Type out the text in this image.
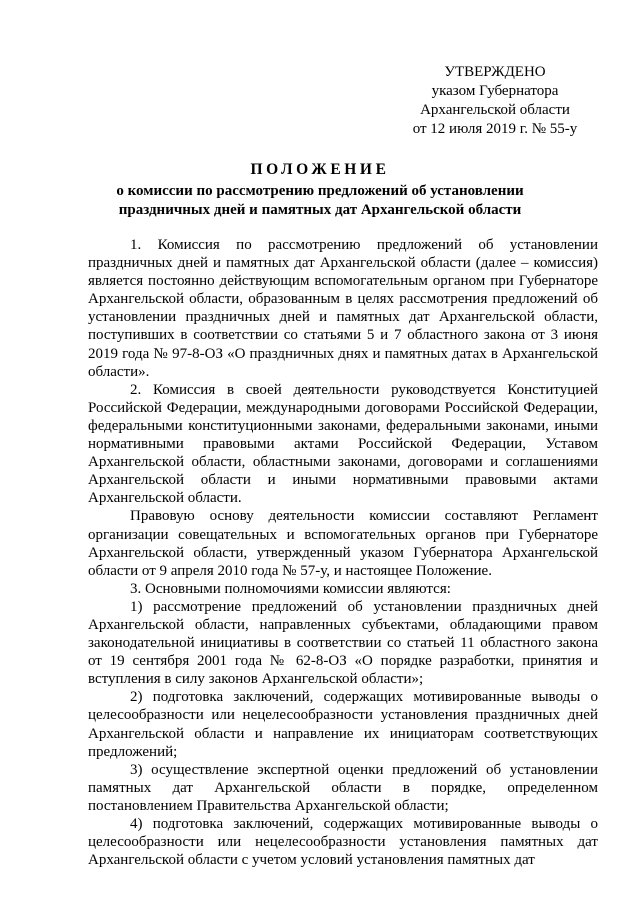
УТВЕРЖДЕНО
указом Губернатора
Архангельской области
от 12 июля 2019 г. № 55-у
ПОЛОЖЕНИЕ
о комиссии по рассмотрению предложений об установлении
праздничных дней и памятных дат Архангельской области

1. Комиссия по рассмотрению предложений об установлении праздничных дней и памятных дат Архангельской области (далее – комиссия) является постоянно действующим вспомогательным органом при Губернаторе Архангельской области, образованным в целях рассмотрения предложений об установлении праздничных дней и памятных дат Архангельской области, поступивших в соответствии со статьями 5 и 7 областного закона от 3 июня 2019 года № 97-8-ОЗ «О праздничных днях и памятных датах в Архангельской области».

2. Комиссия в своей деятельности руководствуется Конституцией Российской Федерации, международными договорами Российской Федерации, федеральными конституционными законами, федеральными законами, иными нормативными правовыми актами Российской Федерации, Уставом Архангельской области, областными законами, договорами и соглашениями Архангельской области и иными нормативными правовыми актами Архангельской области.

Правовую основу деятельности комиссии составляют Регламент организации совещательных и вспомогательных органов при Губернаторе Архангельской области, утвержденный указом Губернатора Архангельской области от 9 апреля 2010 года № 57-у, и настоящее Положение.

3. Основными полномочиями комиссии являются:

1) рассмотрение предложений об установлении праздничных дней Архангельской области, направленных субъектами, обладающими правом законодательной инициативы в соответствии со статьей 11 областного закона от 19 сентября 2001 года № 62-8-ОЗ «О порядке разработки, принятия и вступления в силу законов Архангельской области»;

2) подготовка заключений, содержащих мотивированные выводы о целесообразности или нецелесообразности установления праздничных дней Архангельской области и направление их инициаторам соответствующих предложений;

3) осуществление экспертной оценки предложений об установлении памятных дат Архангельской области в порядке, определенном постановлением Правительства Архангельской области;

4) подготовка заключений, содержащих мотивированные выводы о целесообразности или нецелесообразности установления памятных дат Архангельской области с учетом условий установления памятных дат
